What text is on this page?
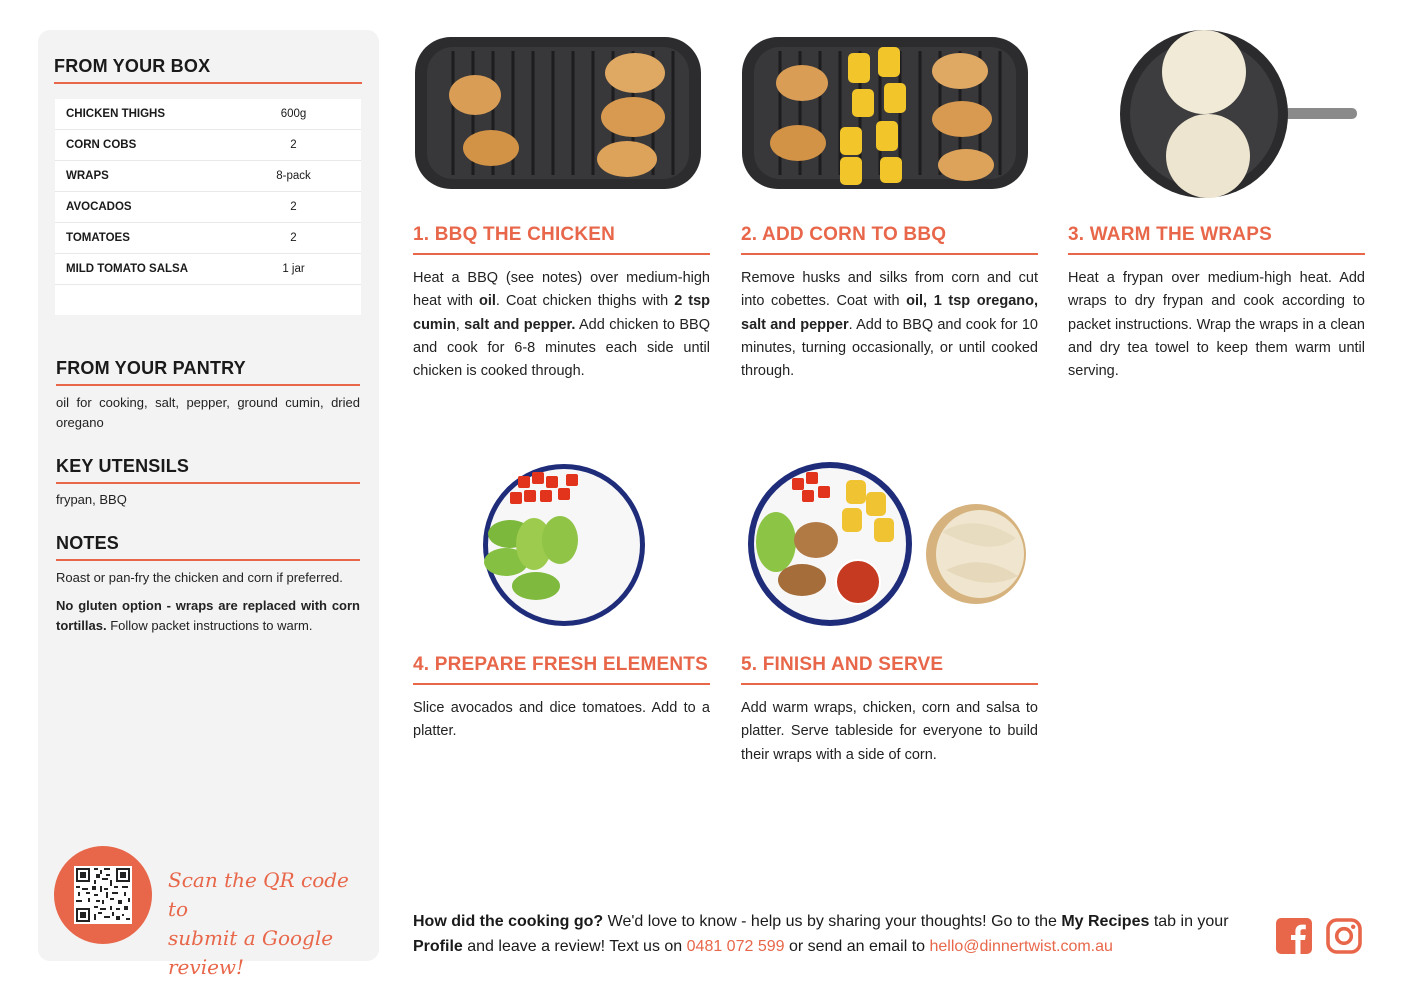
FROM YOUR BOX
CHICKEN THIGHS	600g
CORN COBS	2
WRAPS	8-pack
AVOCADOS	2
TOMATOES	2
MILD TOMATO SALSA	1 jar
FROM YOUR PANTRY
oil for cooking, salt, pepper, ground cumin, dried oregano
KEY UTENSILS
frypan, BBQ
NOTES
Roast or pan-fry the chicken and corn if preferred.
No gluten option - wraps are replaced with corn tortillas. Follow packet instructions to warm.
Scan the QR code to
submit a Google review!
1. BBQ THE CHICKEN
Heat a BBQ (see notes) over medium-high heat with oil. Coat chicken thighs with 2 tsp cumin, salt and pepper. Add chicken to BBQ and cook for 6-8 minutes each side until chicken is cooked through.
2. ADD CORN TO BBQ
Remove husks and silks from corn and cut into cobettes. Coat with oil, 1 tsp oregano, salt and pepper. Add to BBQ and cook for 10 minutes, turning occasionally, or until cooked through.
3. WARM THE WRAPS
Heat a frypan over medium-high heat. Add wraps to dry frypan and cook according to packet instructions. Wrap the wraps in a clean and dry tea towel to keep them warm until serving.
4. PREPARE FRESH ELEMENTS
Slice avocados and dice tomatoes. Add to a platter.
5. FINISH AND SERVE
Add warm wraps, chicken, corn and salsa to platter. Serve tableside for everyone to build their wraps with a side of corn.
How did the cooking go? We'd love to know - help us by sharing your thoughts! Go to the My Recipes tab in your Profile and leave a review! Text us on 0481 072 599 or send an email to hello@dinnertwist.com.au
